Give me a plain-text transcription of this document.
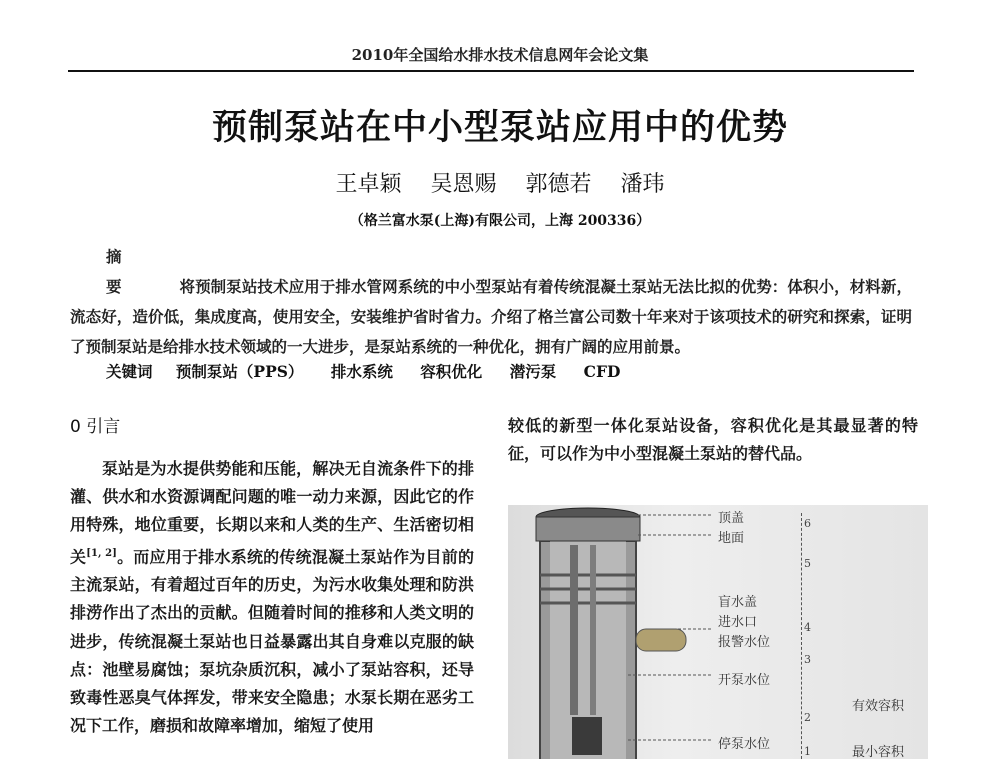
2010年全国给水排水技术信息网年会论文集
预制泵站在中小型泵站应用中的优势
王卓颖 吴恩赐 郭德若 潘玮
（格兰富水泵(上海)有限公司，上海 200336）

摘 要	将预制泵站技术应用于排水管网系统的中小型泵站有着传统混凝土泵站无法比拟的优势：体积小，材料新，流态好，造价低，集成度高，使用安全，安装维护省时省力。介绍了格兰富公司数十年来对于该项技术的研究和探索，证明了预制泵站是给排水技术领域的一大进步，是泵站系统的一种优化，拥有广阔的应用前景。

关键词 预制泵站（PPS） 排水系统 容积优化 潜污泵 CFD
0 引言

泵站是为水提供势能和压能，解决无自流条件下的排灌、供水和水资源调配问题的唯一动力来源，因此它的作用特殊，地位重要，长期以来和人类的生产、生活密切相关[1, 2]。而应用于排水系统的传统混凝土泵站作为目前的主流泵站，有着超过百年的历史，为污水收集处理和防洪排涝作出了杰出的贡献。但随着时间的推移和人类文明的进步，传统混凝土泵站也日益暴露出其自身难以克服的缺点：池壁易腐蚀；泵坑杂质沉积，减小了泵站容积，还导致毒性恶臭气体挥发，带来安全隐患；水泵长期在恶劣工况下工作，磨损和故障率增加，缩短了使用

较低的新型一体化泵站设备，容积优化是其最显著的特征，可以作为中小型混凝土泵站的替代品。

顶盖
地面
盲水盖
进水口
报警水位
开泵水位
停泵水位
有效容积
最小容积
6
5
4
3
2
1
